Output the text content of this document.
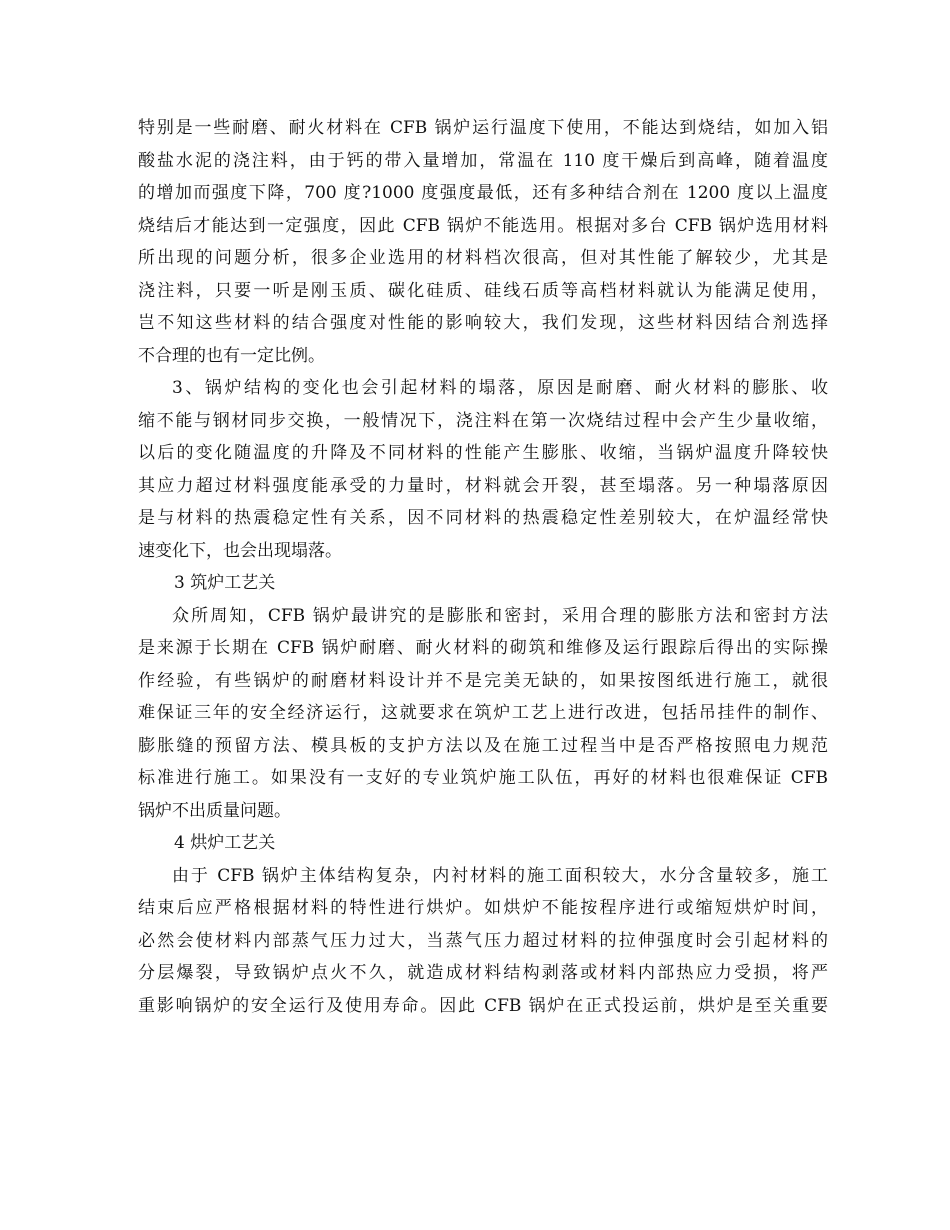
特别是一些耐磨、耐火材料在 CFB 锅炉运行温度下使用，不能达到烧结，如加入铝
酸盐水泥的浇注料，由于钙的带入量增加，常温在 110 度干燥后到高峰，随着温度
的增加而强度下降，700 度?1000 度强度最低，还有多种结合剂在 1200 度以上温度
烧结后才能达到一定强度，因此 CFB 锅炉不能选用。根据对多台 CFB 锅炉选用材料
所出现的问题分析，很多企业选用的材料档次很高，但对其性能了解较少，尤其是
浇注料，只要一听是刚玉质、碳化硅质、硅线石质等高档材料就认为能满足使用，
岂不知这些材料的结合强度对性能的影响较大，我们发现，这些材料因结合剂选择
不合理的也有一定比例。
3、锅炉结构的变化也会引起材料的塌落，原因是耐磨、耐火材料的膨胀、收
缩不能与钢材同步交换，一般情况下，浇注料在第一次烧结过程中会产生少量收缩，
以后的变化随温度的升降及不同材料的性能产生膨胀、收缩，当锅炉温度升降较快
其应力超过材料强度能承受的力量时，材料就会开裂，甚至塌落。另一种塌落原因
是与材料的热震稳定性有关系，因不同材料的热震稳定性差别较大，在炉温经常快
速变化下，也会出现塌落。
3 筑炉工艺关
众所周知，CFB 锅炉最讲究的是膨胀和密封，采用合理的膨胀方法和密封方法
是来源于长期在 CFB 锅炉耐磨、耐火材料的砌筑和维修及运行跟踪后得出的实际操
作经验，有些锅炉的耐磨材料设计并不是完美无缺的，如果按图纸进行施工，就很
难保证三年的安全经济运行，这就要求在筑炉工艺上进行改进，包括吊挂件的制作、
膨胀缝的预留方法、模具板的支护方法以及在施工过程当中是否严格按照电力规范
标准进行施工。如果没有一支好的专业筑炉施工队伍，再好的材料也很难保证 CFB
锅炉不出质量问题。
4 烘炉工艺关
由于 CFB 锅炉主体结构复杂，内衬材料的施工面积较大，水分含量较多，施工
结束后应严格根据材料的特性进行烘炉。如烘炉不能按程序进行或缩短烘炉时间，
必然会使材料内部蒸气压力过大，当蒸气压力超过材料的拉伸强度时会引起材料的
分层爆裂，导致锅炉点火不久，就造成材料结构剥落或材料内部热应力受损，将严
重影响锅炉的安全运行及使用寿命。因此 CFB 锅炉在正式投运前，烘炉是至关重要
